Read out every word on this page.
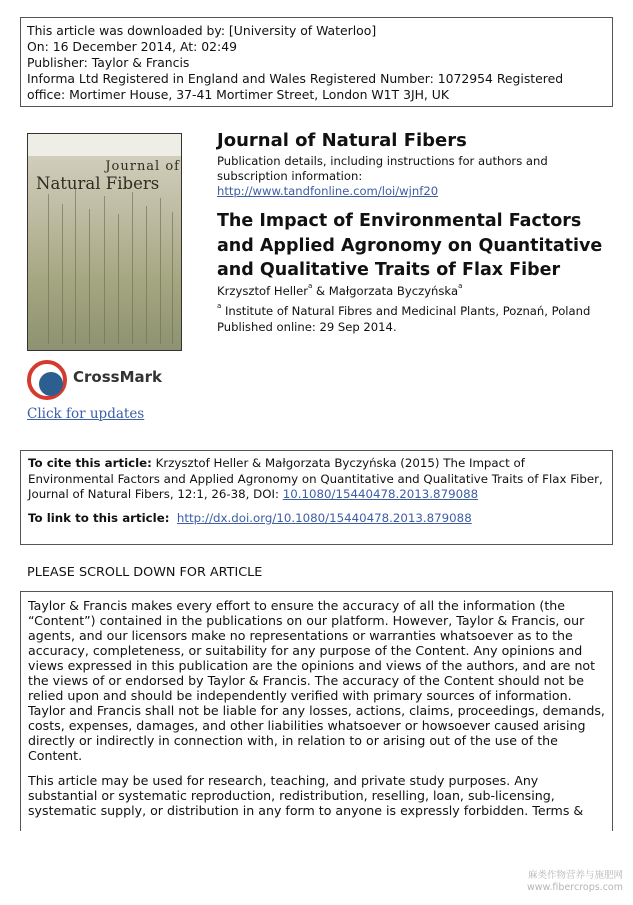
This article was downloaded by: [University of Waterloo]
On: 16 December 2014, At: 02:49
Publisher: Taylor & Francis
Informa Ltd Registered in England and Wales Registered Number: 1072954 Registered
office: Mortimer House, 37-41 Mortimer Street, London W1T 3JH, UK
Journal of
Natural Fibers
CrossMark
Click for updates
Journal of Natural Fibers
Publication details, including instructions for authors and
subscription information:
http://www.tandfonline.com/loi/wjnf20
The Impact of Environmental Factors and Applied Agronomy on Quantitative and Qualitative Traits of Flax Fiber
Krzysztof Heller$^a$ & Małgorzata Byczyńska$^a$
$^a$ Institute of Natural Fibres and Medicinal Plants, Poznań, Poland
Published online: 29 Sep 2014.
To cite this article: Krzysztof Heller & Małgorzata Byczyńska (2015) The Impact of Environmental Factors and Applied Agronomy on Quantitative and Qualitative Traits of Flax Fiber, Journal of Natural Fibers, 12:1, 26-38, DOI: 10.1080/15440478.2013.879088
To link to this article: http://dx.doi.org/10.1080/15440478.2013.879088
PLEASE SCROLL DOWN FOR ARTICLE

Taylor & Francis makes every effort to ensure the accuracy of all the information (the “Content”) contained in the publications on our platform. However, Taylor & Francis, our agents, and our licensors make no representations or warranties whatsoever as to the accuracy, completeness, or suitability for any purpose of the Content. Any opinions and views expressed in this publication are the opinions and views of the authors, and are not the views of or endorsed by Taylor & Francis. The accuracy of the Content should not be relied upon and should be independently verified with primary sources of information. Taylor and Francis shall not be liable for any losses, actions, claims, proceedings, demands, costs, expenses, damages, and other liabilities whatsoever or howsoever caused arising directly or indirectly in connection with, in relation to or arising out of the use of the Content.

This article may be used for research, teaching, and private study purposes. Any substantial or systematic reproduction, redistribution, reselling, loan, sub-licensing, systematic supply, or distribution in any form to anyone is expressly forbidden. Terms &

麻类作物营养与施肥网
www.fibercrops.com
